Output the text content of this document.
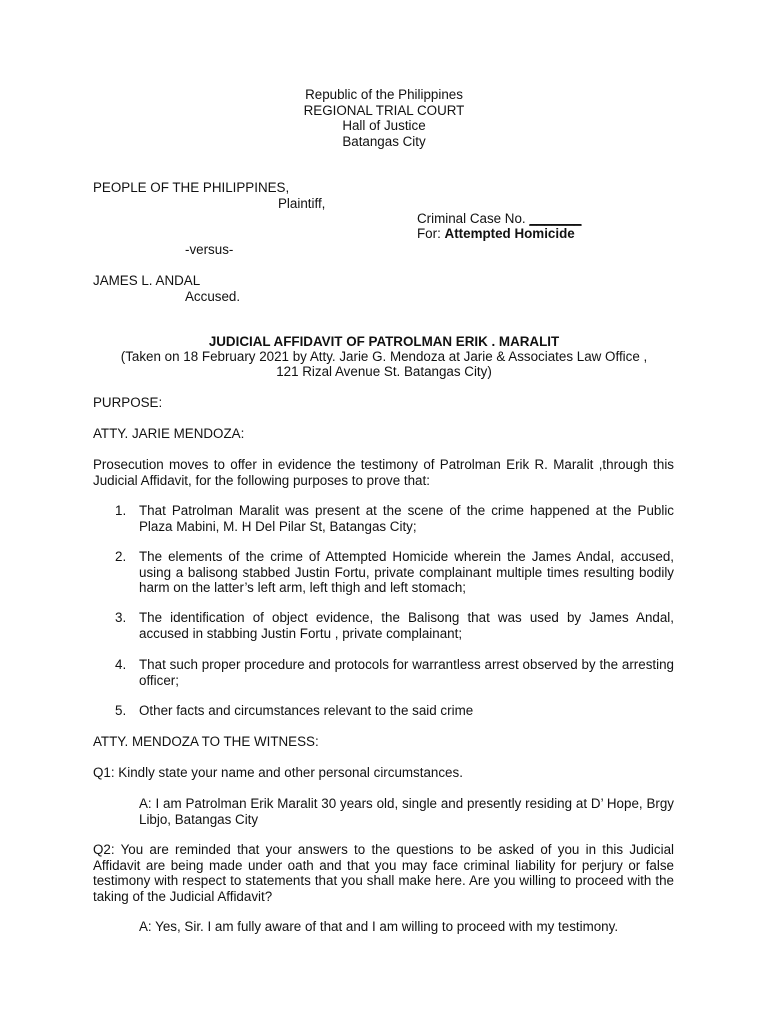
Republic of the Philippines
REGIONAL TRIAL COURT
Hall of Justice
Batangas City
PEOPLE OF THE PHILIPPINES,
Plaintiff,
Criminal Case No. _______
For: Attempted Homicide
-versus-
JAMES L. ANDAL
Accused.
JUDICIAL AFFIDAVIT OF PATROLMAN ERIK . MARALIT
(Taken on 18 February 2021 by Atty. Jarie G. Mendoza at Jarie & Associates Law Office ,
121 Rizal Avenue St. Batangas City)
PURPOSE:
ATTY. JARIE MENDOZA:
Prosecution moves to offer in evidence the testimony of Patrolman Erik R. Maralit ,through this Judicial Affidavit, for the following purposes to prove that:
1. That Patrolman Maralit was present at the scene of the crime happened at the Public Plaza Mabini, M. H Del Pilar St, Batangas City;
2. The elements of the crime of Attempted Homicide wherein the James Andal, accused, using a balisong stabbed Justin Fortu, private complainant multiple times resulting bodily harm on the latter’s left arm, left thigh and left stomach;
3. The identification of object evidence, the Balisong that was used by James Andal, accused in stabbing Justin Fortu , private complainant;
4. That such proper procedure and protocols for warrantless arrest observed by the arresting officer;
5. Other facts and circumstances relevant to the said crime
ATTY. MENDOZA TO THE WITNESS:
Q1: Kindly state your name and other personal circumstances.
A: I am Patrolman Erik Maralit 30 years old, single and presently residing at D’ Hope, Brgy Libjo, Batangas City
Q2: You are reminded that your answers to the questions to be asked of you in this Judicial Affidavit are being made under oath and that you may face criminal liability for perjury or false testimony with respect to statements that you shall make here. Are you willing to proceed with the taking of the Judicial Affidavit?
A: Yes, Sir. I am fully aware of that and I am willing to proceed with my testimony.
